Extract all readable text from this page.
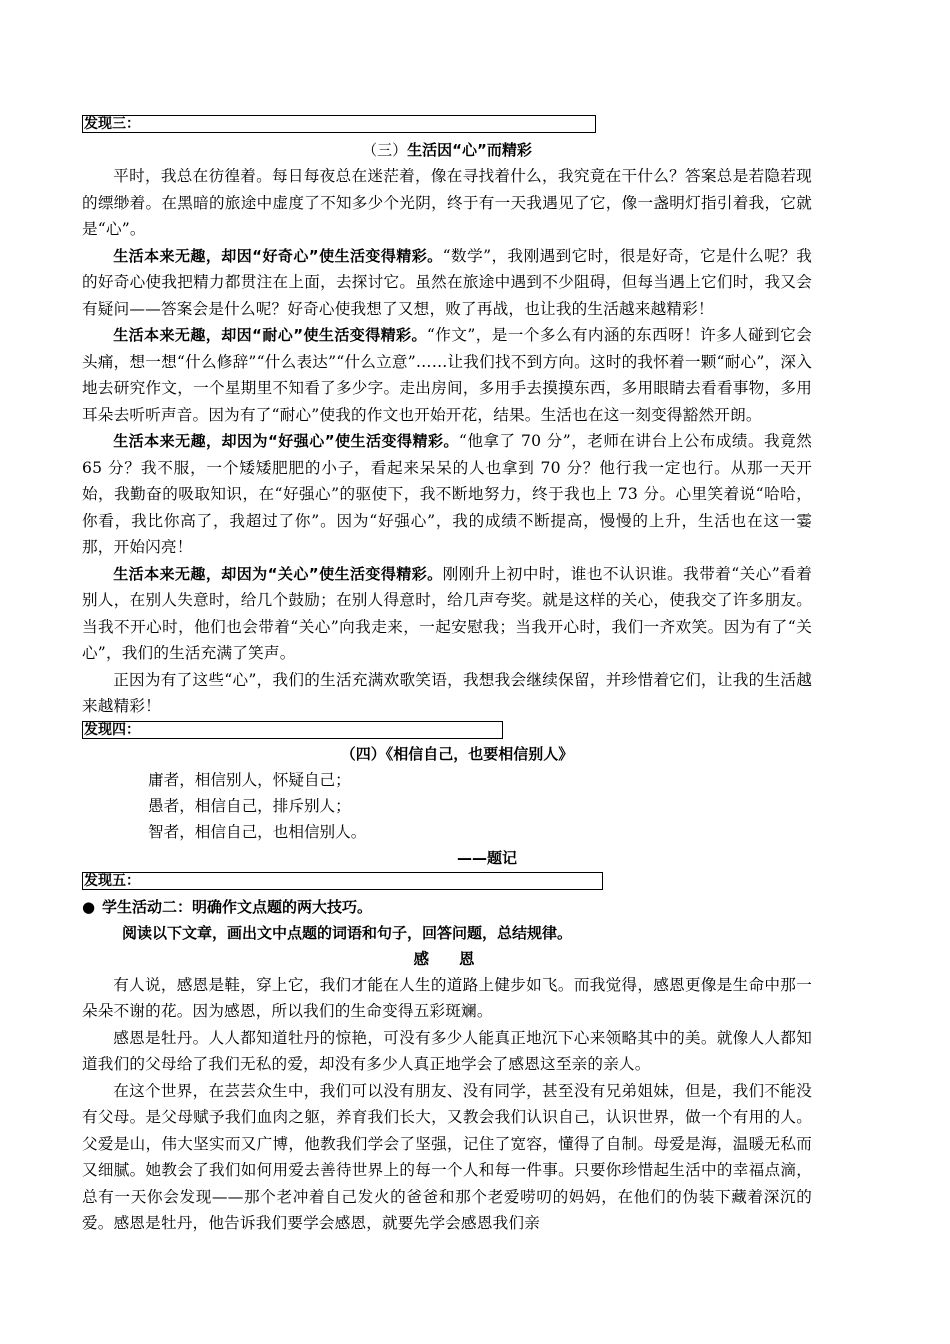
发现三：

（三）生活因“心”而精彩

平时，我总在彷徨着。每日每夜总在迷茫着，像在寻找着什么，我究竟在干什么？答案总是若隐若现的缥缈着。在黑暗的旅途中虚度了不知多少个光阴，终于有一天我遇见了它，像一盏明灯指引着我，它就是“心”。

生活本来无趣，却因“好奇心”使生活变得精彩。“数学”，我刚遇到它时，很是好奇，它是什么呢？我的好奇心使我把精力都贯注在上面，去探讨它。虽然在旅途中遇到不少阻碍，但每当遇上它们时，我又会有疑问——答案会是什么呢？好奇心使我想了又想，败了再战，也让我的生活越来越精彩！

生活本来无趣，却因“耐心”使生活变得精彩。“作文”，是一个多么有内涵的东西呀！许多人碰到它会头痛，想一想“什么修辞”“什么表达”“什么立意”……让我们找不到方向。这时的我怀着一颗“耐心”，深入地去研究作文，一个星期里不知看了多少字。走出房间，多用手去摸摸东西，多用眼睛去看看事物，多用耳朵去听听声音。因为有了“耐心”使我的作文也开始开花，结果。生活也在这一刻变得豁然开朗。

生活本来无趣，却因为“好强心”使生活变得精彩。“他拿了 70 分”，老师在讲台上公布成绩。我竟然 65 分？我不服，一个矮矮肥肥的小子，看起来呆呆的人也拿到 70 分？他行我一定也行。从那一天开始，我勤奋的吸取知识，在“好强心”的驱使下，我不断地努力，终于我也上 73 分。心里笑着说“哈哈，你看，我比你高了，我超过了你”。因为“好强心”，我的成绩不断提高，慢慢的上升，生活也在这一霎那，开始闪亮！

生活本来无趣，却因为“关心”使生活变得精彩。刚刚升上初中时，谁也不认识谁。我带着“关心”看着别人，在别人失意时，给几个鼓励；在别人得意时，给几声夸奖。就是这样的关心，使我交了许多朋友。当我不开心时，他们也会带着“关心”向我走来，一起安慰我；当我开心时，我们一齐欢笑。因为有了“关心”，我们的生活充满了笑声。

正因为有了这些“心”，我们的生活充满欢歌笑语，我想我会继续保留，并珍惜着它们，让我的生活越来越精彩！

发现四：

（四）《相信自己，也要相信别人》

庸者，相信别人，怀疑自己；

愚者，相信自己，排斥别人；

智者，相信自己，也相信别人。

——题记

发现五：

● 学生活动二：明确作文点题的两大技巧。

阅读以下文章，画出文中点题的词语和句子，回答问题，总结规律。

感恩

有人说，感恩是鞋，穿上它，我们才能在人生的道路上健步如飞。而我觉得，感恩更像是生命中那一朵朵不谢的花。因为感恩，所以我们的生命变得五彩斑斓。

感恩是牡丹。人人都知道牡丹的惊艳，可没有多少人能真正地沉下心来领略其中的美。就像人人都知道我们的父母给了我们无私的爱，却没有多少人真正地学会了感恩这至亲的亲人。

在这个世界，在芸芸众生中，我们可以没有朋友、没有同学，甚至没有兄弟姐妹，但是，我们不能没有父母。是父母赋予我们血肉之躯，养育我们长大，又教会我们认识自己，认识世界，做一个有用的人。父爱是山，伟大坚实而又广博，他教我们学会了坚强，记住了宽容，懂得了自制。母爱是海，温暖无私而又细腻。她教会了我们如何用爱去善待世界上的每一个人和每一件事。只要你珍惜起生活中的幸福点滴，总有一天你会发现——那个老冲着自己发火的爸爸和那个老爱唠叨的妈妈，在他们的伪装下藏着深沉的爱。感恩是牡丹，他告诉我们要学会感恩，就要先学会感恩我们亲
